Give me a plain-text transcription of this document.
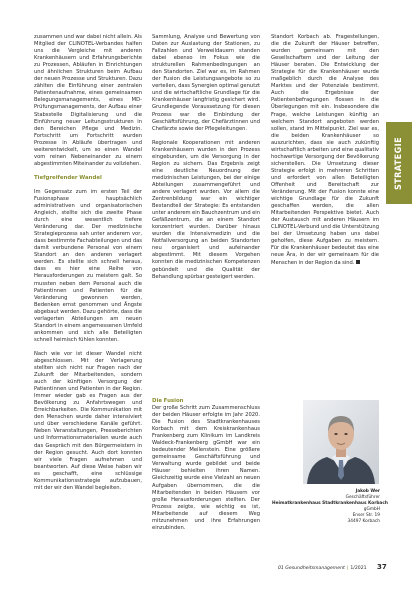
zusammen und war dabei nicht allein. Als Mitglied der CLINOTEL-Verbandes halfen uns die Vergleiche mit anderen Krankenhäusern und Erfahrungsberichte zu Prozessen, Abläufen in Einrichtungen und ähnlichen Strukturen beim Aufbau der neuen Prozesse und Strukturen. Dazu zählten die Einführung einer zentralen Patientenaufnahme, eines gemeinsamen Belegungsmanagements, eines MD-Prüfungsmanagements, der Aufbau einer Stabsstelle Digitalisierung und die Einführung neuer Leitungsstrukturen in den Bereichen Pflege und Medizin. Fortschritt um Fortschritt wurden Prozesse in Abläufe übertragen und weiterentwickelt, um so einen Wandel vom reinen Nebeneinander zu einem abgestimmten Miteinander zu vollziehen.

Tiefgreifender Wandel

Im Gegensatz zum im ersten Teil der Fusionsphase hauptsächlich administrativen und organisatorischen Angleich, stellte sich die zweite Phase durch eine wesentlich tiefere Veränderung dar. Der medizinische Strategieprozess sah unter anderem vor, dass bestimmte Fachabteilungen und das damit verbundene Personal von einem Standort an den anderen verlagert werden. Es stellte sich schnell heraus, dass es hier eine Reihe von Herausforderungen zu meistern galt. So mussten neben dem Personal auch die Patientinnen und Patienten für die Veränderung gewonnen werden, Bedenken ernst genommen und Ängste abgebaut werden. Dazu gehörte, dass die verlagerten Abteilungen am neuen Standort in einem angemessenen Umfeld ankommen und sich alle Beteiligten schnell heimisch fühlen konnten.

Nach wie vor ist dieser Wandel nicht abgeschlossen. Mit der Verlagerung stellten sich nicht nur Fragen nach der Zukunft der Mitarbeitenden, sondern auch der künftigen Versorgung der Patientinnen und Patienten in der Region. Immer wieder gab es Fragen aus der Bevölkerung zu Anfahrtswegen und Erreichbarkeiten. Die Kommunikation mit den Menschen wurde daher intensiviert und über verschiedene Kanäle geführt. Neben Veranstaltungen, Presseberichten und Informationsmaterialien wurde auch das Gespräch mit den Bürgermeistern in der Region gesucht. Auch dort konnten wir viele Fragen aufnehmen und beantworten. Auf diese Weise haben wir es geschafft, eine schlüssige Kommunikationsstrategie aufzubauen, mit der wir den Wandel begleiten.

Sammlung, Analyse und Bewertung von Daten zur Auslastung der Stationen, zu Fallzahlen und Verweildauern standen dabei ebenso im Fokus wie die strukturellen Rahmenbedingungen an den Standorten. Ziel war es, im Rahmen der Fusion die Leistungsangebote so zu verteilen, dass Synergien optimal genutzt und die wirtschaftliche Grundlage für die Krankenhäuser langfristig gesichert wird. Grundlegende Voraussetzung für diesen Prozess war die Einbindung der Geschäftsführung, der Chefärztinnen und Chefärzte sowie der Pflegeleitungen.

Regionale Kooperationen mit anderen Krankenhäusern wurden in den Prozess eingebunden, um die Versorgung in der Region zu sichern. Das Ergebnis zeigt eine deutliche Neuordnung der medizinischen Leistungen, bei der einige Abteilungen zusammengeführt und andere verlagert wurden. Vor allem die Zentrenbildung war ein wichtiger Bestandteil der Strategie: Es entstanden unter anderem ein Bauchzentrum und ein Gefäßzentrum, die an einem Standort konzentriert wurden. Darüber hinaus wurden die Intensivmedizin und die Notfallversorgung an beiden Standorten neu organisiert und aufeinander abgestimmt. Mit diesem Vorgehen konnten die medizinischen Kompetenzen gebündelt und die Qualität der Behandlung spürbar gesteigert werden.

Die Fusion

Der große Schritt zum Zusammenschluss der beiden Häuser erfolgte im Jahr 2020. Die Fusion des Stadtkrankenhauses Korbach mit dem Kreiskrankenhaus Frankenberg zum Klinikum im Landkreis Waldeck-Frankenberg gGmbH war ein bedeutender Meilenstein. Eine größere gemeinsame Geschäftsführung und Verwaltung wurde gebildet und beide Häuser behielten ihren Namen. Gleichzeitig wurde eine Vielzahl an neuen Aufgaben übernommen, die die Mitarbeitenden in beiden Häusern vor große Herausforderungen stellten. Der Prozess zeigte, wie wichtig es ist, Mitarbeitende auf diesem Weg mitzunehmen und ihre Erfahrungen einzubinden.

Standort Korbach ab. Fragestellungen, die die Zukunft der Häuser betreffen, wurden gemeinsam mit den Gesellschaftern und der Leitung der Häuser beraten. Die Entwicklung der Strategie für die Krankenhäuser wurde maßgeblich durch die Analyse des Marktes und der Potenziale bestimmt. Auch die Ergebnisse der Patientenbefragungen flossen in die Überlegungen mit ein. Insbesondere die Frage, welche Leistungen künftig an welchem Standort angeboten werden sollen, stand im Mittelpunkt. Ziel war es, die beiden Krankenhäuser so auszurichten, dass sie auch zukünftig wirtschaftlich arbeiten und eine qualitativ hochwertige Versorgung der Bevölkerung sicherstellen. Die Umsetzung dieser Strategie erfolgt in mehreren Schritten und erfordert von allen Beteiligten Offenheit und Bereitschaft zur Veränderung. Mit der Fusion konnte eine wichtige Grundlage für die Zukunft geschaffen werden, die allen Mitarbeitenden Perspektive bietet. Auch der Austausch mit anderen Häusern im CLINOTEL-Verbund und die Unterstützung bei der Umsetzung haben uns dabei geholfen, diese Aufgaben zu meistern. Für die Krankenhäuser bedeutet das eine neue Ära, in der wir gemeinsam für die Menschen in der Region da sind.

STRATEGIE
Jakob Wer
Geschäftsführer
Heimatkrankenhaus Stadtkrankenhaus Korbach
gGmbH
Enser Str. 19
34497 Korbach
01 Gesundheitsmanagement | 1/2021	37
